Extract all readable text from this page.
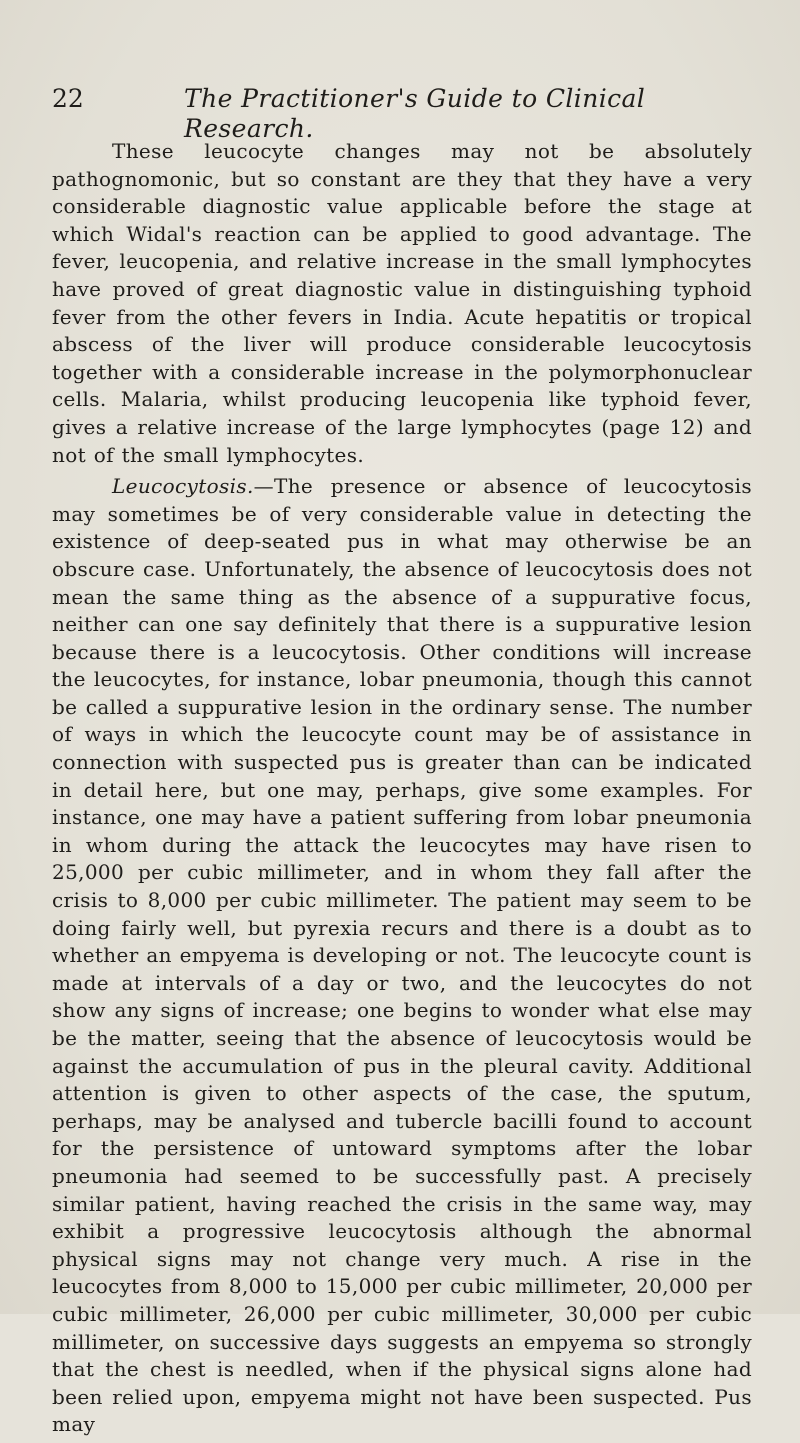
22	The Practitioner's Guide to Clinical Research.

These leucocyte changes may not be absolutely pathognomonic, but so constant are they that they have a very considerable diagnostic value applicable before the stage at which Widal's reaction can be applied to good advantage. The fever, leucopenia, and relative increase in the small lymphocytes have proved of great diagnostic value in distinguishing typhoid fever from the other fevers in India. Acute hepatitis or tropical abscess of the liver will produce considerable leucocytosis together with a considerable increase in the polymorphonuclear cells. Malaria, whilst producing leucopenia like typhoid fever, gives a relative increase of the large lymphocytes (page 12) and not of the small lymphocytes.

Leucocytosis.—The presence or absence of leucocytosis may sometimes be of very considerable value in detecting the existence of deep-seated pus in what may otherwise be an obscure case. Unfortunately, the absence of leucocytosis does not mean the same thing as the absence of a suppurative focus, neither can one say definitely that there is a suppurative lesion because there is a leucocytosis. Other conditions will increase the leucocytes, for instance, lobar pneumonia, though this cannot be called a suppurative lesion in the ordinary sense. The number of ways in which the leucocyte count may be of assistance in connection with suspected pus is greater than can be indicated in detail here, but one may, perhaps, give some examples. For instance, one may have a patient suffering from lobar pneumonia in whom during the attack the leucocytes may have risen to 25,000 per cubic millimeter, and in whom they fall after the crisis to 8,000 per cubic millimeter. The patient may seem to be doing fairly well, but pyrexia recurs and there is a doubt as to whether an empyema is developing or not. The leucocyte count is made at intervals of a day or two, and the leucocytes do not show any signs of increase; one begins to wonder what else may be the matter, seeing that the absence of leucocytosis would be against the accumulation of pus in the pleural cavity. Additional attention is given to other aspects of the case, the sputum, perhaps, may be analysed and tubercle bacilli found to account for the persistence of untoward symptoms after the lobar pneumonia had seemed to be successfully past. A precisely similar patient, having reached the crisis in the same way, may exhibit a progressive leucocytosis although the abnormal physical signs may not change very much. A rise in the leucocytes from 8,000 to 15,000 per cubic millimeter, 20,000 per cubic millimeter, 26,000 per cubic millimeter, 30,000 per cubic millimeter, on successive days suggests an empyema so strongly that the chest is needled, when if the physical signs alone had been relied upon, empyema might not have been suspected. Pus may
